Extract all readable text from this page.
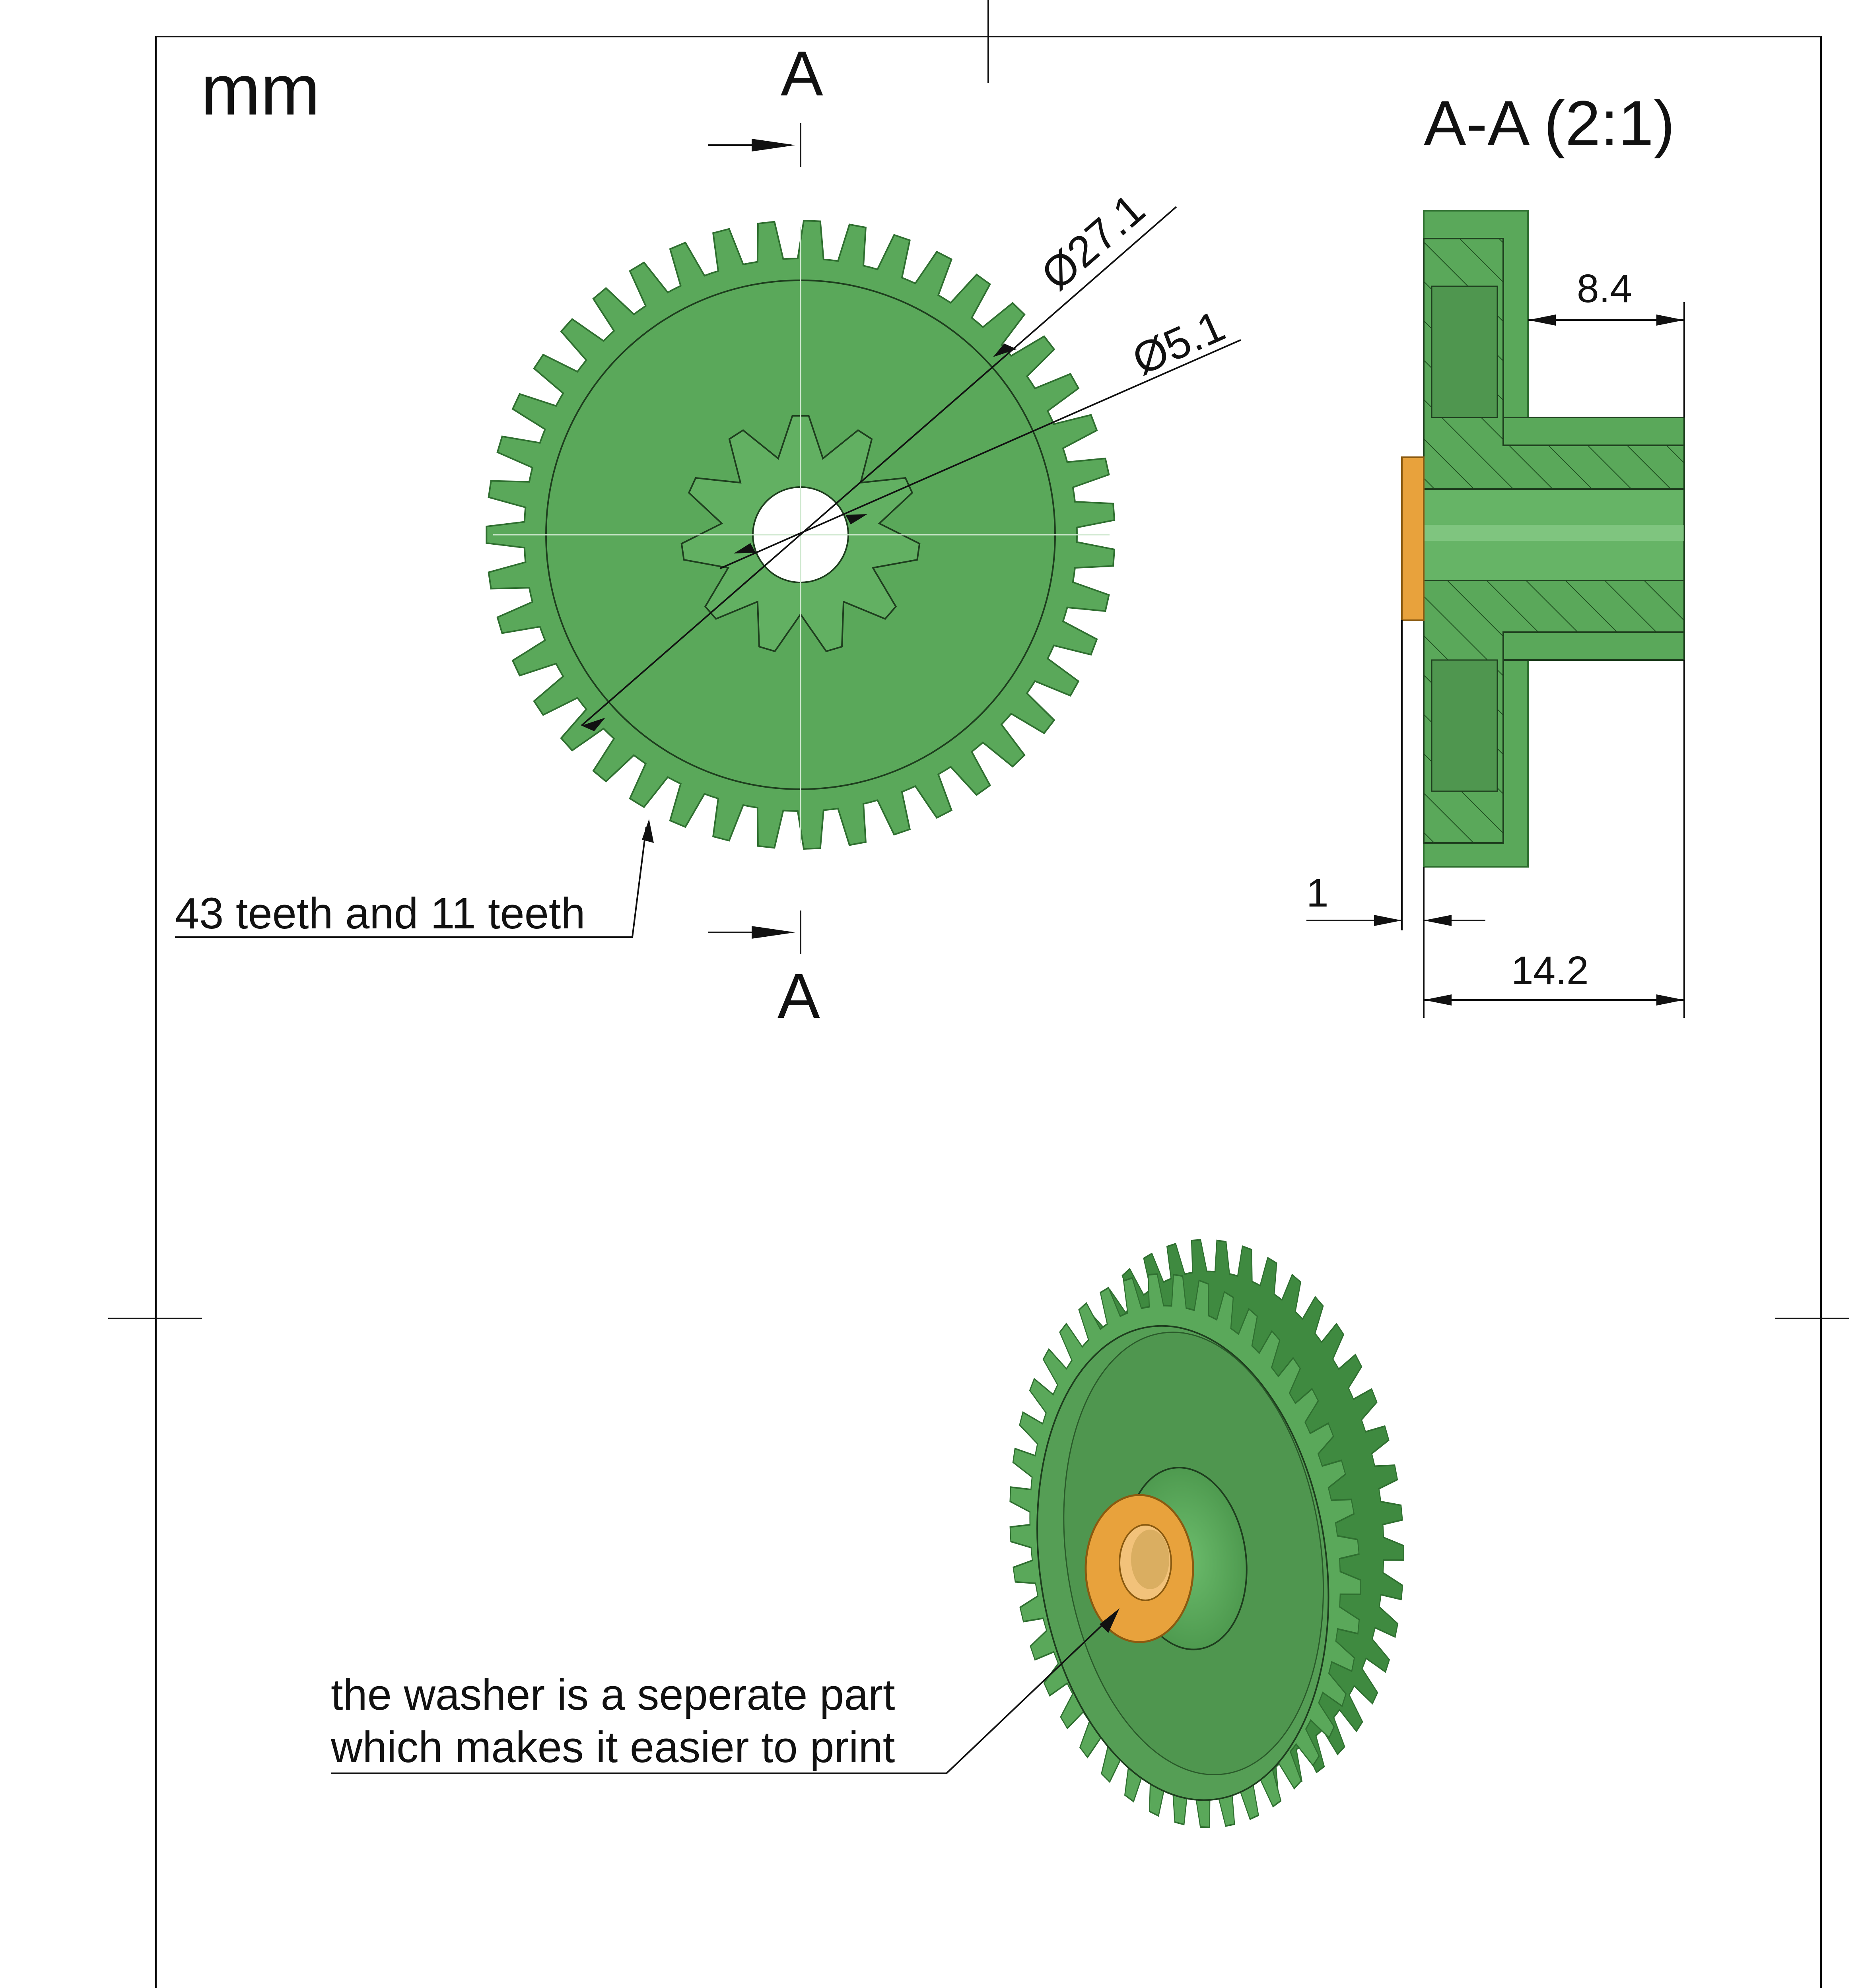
mm
Ø27.1
Ø5.1
43 teeth and 11 teeth
A
A
A-A (2:1)
8.4
1
14.2
the washer is a seperate part
which makes it easier to print
